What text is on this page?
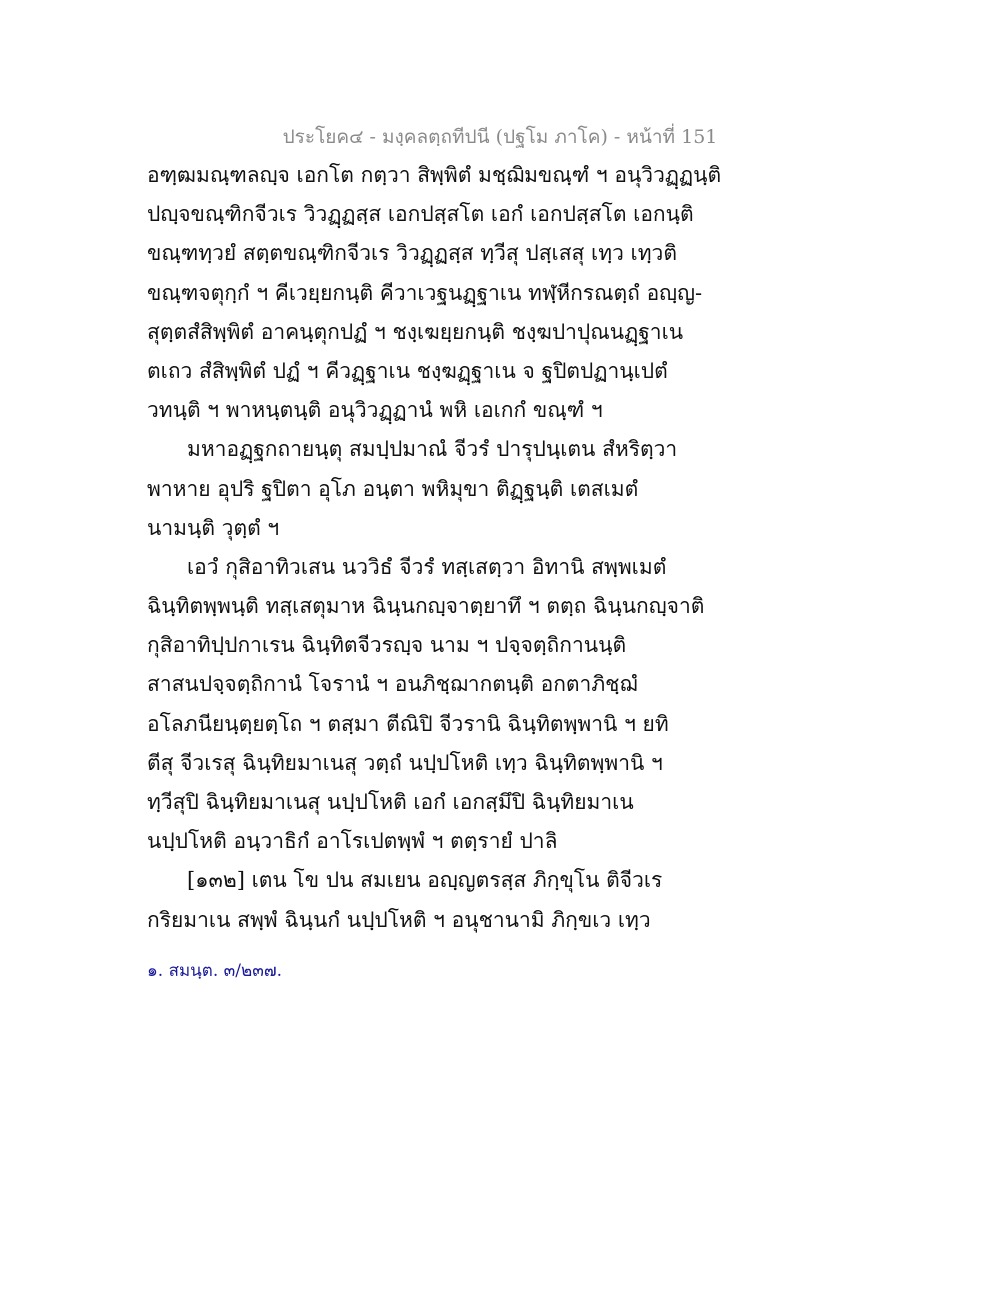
ประโยค๔ - มงฺคลตฺถทีปนี (ปฐโม ภาโค) - หน้าที่ 151
อฑฺฒมณฺฑลญฺจ เอกโต กตฺวา สิพฺพิตํ มชฺฌิมขณฺฑํ ฯ อนุวิวฏฺฏนฺติ
ปญฺจขณฺฑิกจีวเร วิวฏฺฏสฺส เอกปสฺสโต เอกํ เอกปสฺสโต เอกนฺติ
ขณฺฑทฺวยํ สตฺตขณฺฑิกจีวเร วิวฏฺฏสฺส ทฺวีสุ ปสฺเสสุ เทฺว เทฺวติ
ขณฺฑจตุกฺกํ ฯ คีเวยฺยกนฺติ คีวาเวฐนฏฺฐาเน ทฬฺหีกรณตฺถํ อญฺญ-
สุตฺตสํสิพฺพิตํ อาคนฺตุกปฏํ ฯ ชงฺเฆยฺยกนฺติ ชงฺฆปาปุณนฏฺฐาเน
ตเถว สํสิพฺพิตํ ปฏํ ฯ คีวฏฺฐาเน ชงฺฆฏฺฐาเน จ ฐปิตปฏานฺเปตํ
วทนฺติ ฯ พาหนฺตนฺติ อนุวิวฏฺฏานํ พหิ เอเกกํ ขณฺฑํ ฯ
มหาอฏฺฐกถายนฺตุ สมปฺปมาณํ จีวรํ ปารุปนฺเตน สํหริตฺวา
พาหาย อุปริ ฐปิตา อุโภ อนฺตา พหิมุขา ติฏฺฐนฺติ เตสเมตํ
นามนฺติ วุตฺตํ ฯ
เอวํ กุสิอาทิวเสน นววิธํ จีวรํ ทสฺเสตฺวา อิทานิ สพฺพเมตํ
ฉินฺทิตพฺพนฺติ ทสฺเสตุมาห ฉินฺนกญฺจาตฺยาทึ ฯ ตตฺถ ฉินฺนกญฺจาติ
กุสิอาทิปฺปกาเรน ฉินฺทิตจีวรญฺจ นาม ฯ ปจฺจตฺถิกานนฺติ
สาสนปจฺจตฺถิกานํ โจรานํ ฯ อนภิชฺฌากตนฺติ อกตาภิชฺฌํ
อโลภนียนฺตฺยตฺโถ ฯ ตสฺมา ตีณิปิ จีวรานิ ฉินฺทิตพฺพานิ ฯ ยทิ
ตีสุ จีวเรสุ ฉินฺทิยมาเนสุ วตฺถํ นปฺปโหติ เทฺว ฉินฺทิตพฺพานิ ฯ
ทฺวีสุปิ ฉินฺทิยมาเนสุ นปฺปโหติ เอกํ เอกสฺมึปิ ฉินฺทิยมาเน
นปฺปโหติ อนฺวาธิกํ อาโรเปตพฺพํ ฯ ตตฺรายํ ปาลิ
[๑๓๒] เตน โข ปน สมเยน อญฺญตรสฺส ภิกฺขุโน ติจีวเร
กริยมาเน สพฺพํ ฉินฺนกํ นปฺปโหติ ฯ อนุชานามิ ภิกฺขเว เทฺว
๑. สมนฺต. ๓/๒๓๗.
